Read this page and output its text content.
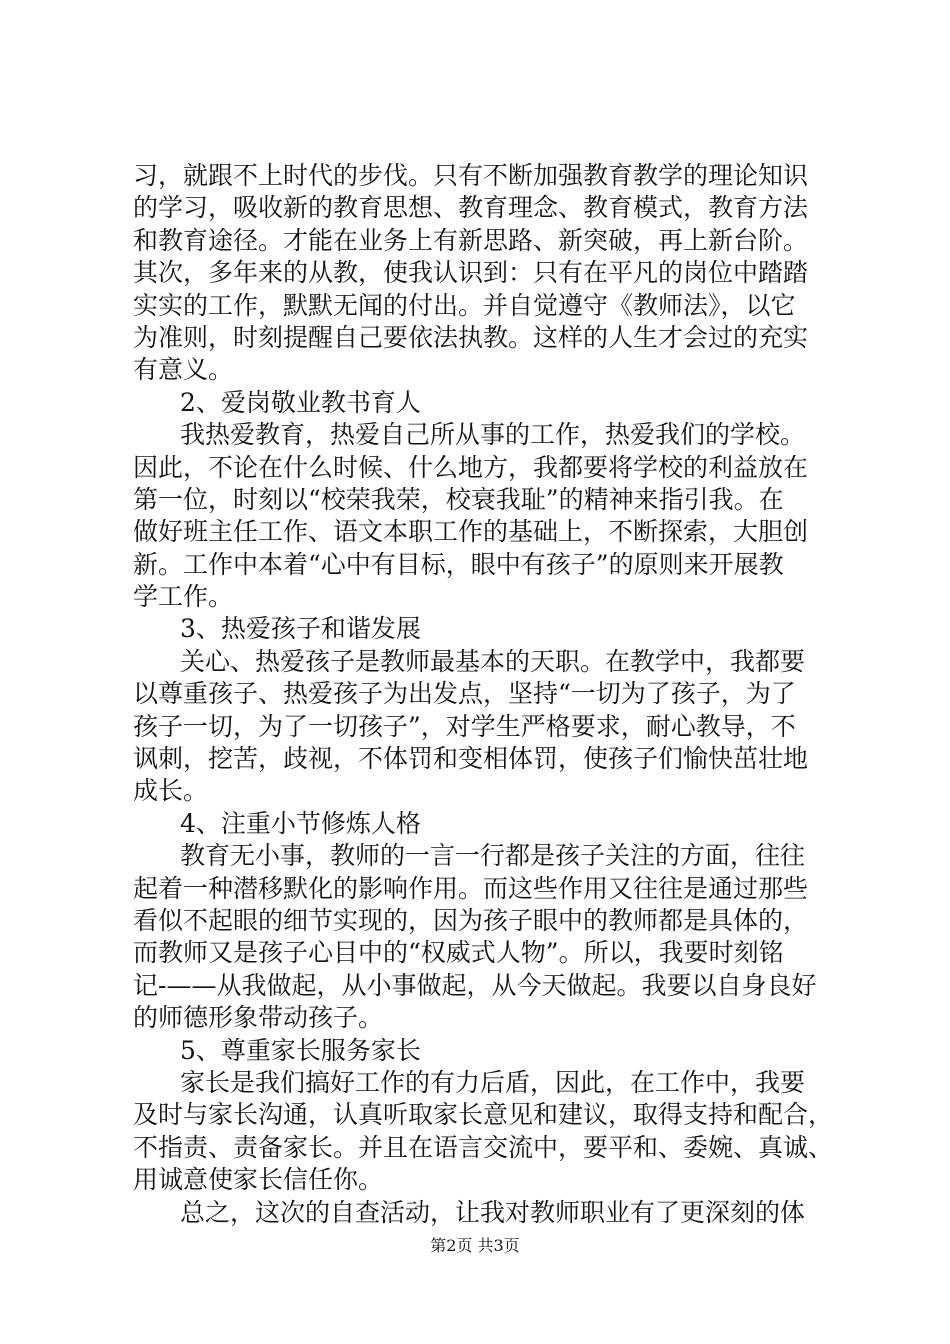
习，就跟不上时代的步伐。只有不断加强教育教学的理论知识
的学习，吸收新的教育思想、教育理念、教育模式，教育方法
和教育途径。才能在业务上有新思路、新突破，再上新台阶。
其次，多年来的从教，使我认识到：只有在平凡的岗位中踏踏
实实的工作，默默无闻的付出。并自觉遵守《教师法》，以它
为准则，时刻提醒自己要依法执教。这样的人生才会过的充实
有意义。
2、爱岗敬业教书育人
我热爱教育，热爱自己所从事的工作，热爱我们的学校。
因此，不论在什么时候、什么地方，我都要将学校的利益放在
第一位，时刻以“校荣我荣，校衰我耻”的精神来指引我。在
做好班主任工作、语文本职工作的基础上，不断探索，大胆创
新。工作中本着“心中有目标，眼中有孩子”的原则来开展教
学工作。
3、热爱孩子和谐发展
关心、热爱孩子是教师最基本的天职。在教学中，我都要
以尊重孩子、热爱孩子为出发点，坚持“一切为了孩子，为了
孩子一切，为了一切孩子”，对学生严格要求，耐心教导，不
讽刺，挖苦，歧视，不体罚和变相体罚，使孩子们愉快茁壮地
成长。
4、注重小节修炼人格
教育无小事，教师的一言一行都是孩子关注的方面，往往
起着一种潜移默化的影响作用。而这些作用又往往是通过那些
看似不起眼的细节实现的，因为孩子眼中的教师都是具体的，
而教师又是孩子心目中的“权威式人物”。所以，我要时刻铭
记-——从我做起，从小事做起，从今天做起。我要以自身良好
的师德形象带动孩子。
5、尊重家长服务家长
家长是我们搞好工作的有力后盾，因此，在工作中，我要
及时与家长沟通，认真听取家长意见和建议，取得支持和配合，
不指责、责备家长。并且在语言交流中，要平和、委婉、真诚、
用诚意使家长信任你。
总之，这次的自查活动，让我对教师职业有了更深刻的体
第2页 共3页
